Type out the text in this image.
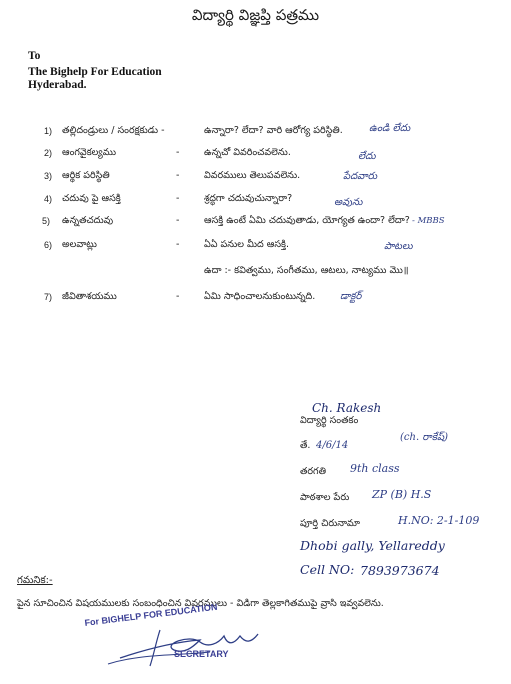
విద్యార్థి విజ్ఞప్తి పత్రము
To
The Bighelp For Education
Hyderabad.
1) తల్లిదండ్రులు / సంరక్షకుడు -	ఉన్నారా? లేదా? వారి ఆరోగ్య పరిస్థితి.	ఉండి లేదు
2) ఆంగవైకల్యము	-	ఉన్నచో వివరించవలెను.	లేదు
3) ఆర్థిక పరిస్థితి	-	వివరములు తెలుపవలెను.	పేదవారు
4) చదువు పై ఆసక్తి	-	శ్రద్ధగా చదువుచున్నారా?	అవును
5) ఉన్నతచదువు	-	ఆసక్తి ఉంటే ఏమి చదువుతాడు, యోగ్యత ఉందా? లేదా? - MBBS
6) అలవాట్లు	-	ఏఏ పనుల మీద ఆసక్తి.	పాటలు
ఉదా :- కవిత్వము, సంగీతము, ఆటలు, నాట్యము మొ॥
7) జీవితాశయము	-	ఏమి సాధించాలనుకుంటున్నది. డాక్టర్
Ch. Rakesh
విద్యార్థి సంతకం
తే. 4/6/14
(ch. రాకేష్)
తరగతి 9th class
పాఠశాల పేరు ZP (B) H.S
పూర్తి చిరునామా	H.NO: 2-1-109
Dhobi gally, Yellareddy
Cell NO: 7893973674
గమనిక:-
పైన సూచించిన విషయములకు సంబంధించిన వివరములు - విడిగా తెల్లకాగితముపై వ్రాసి ఇవ్వవలెను.
For BIGHELP FOR EDUCATION
SECRETARY
